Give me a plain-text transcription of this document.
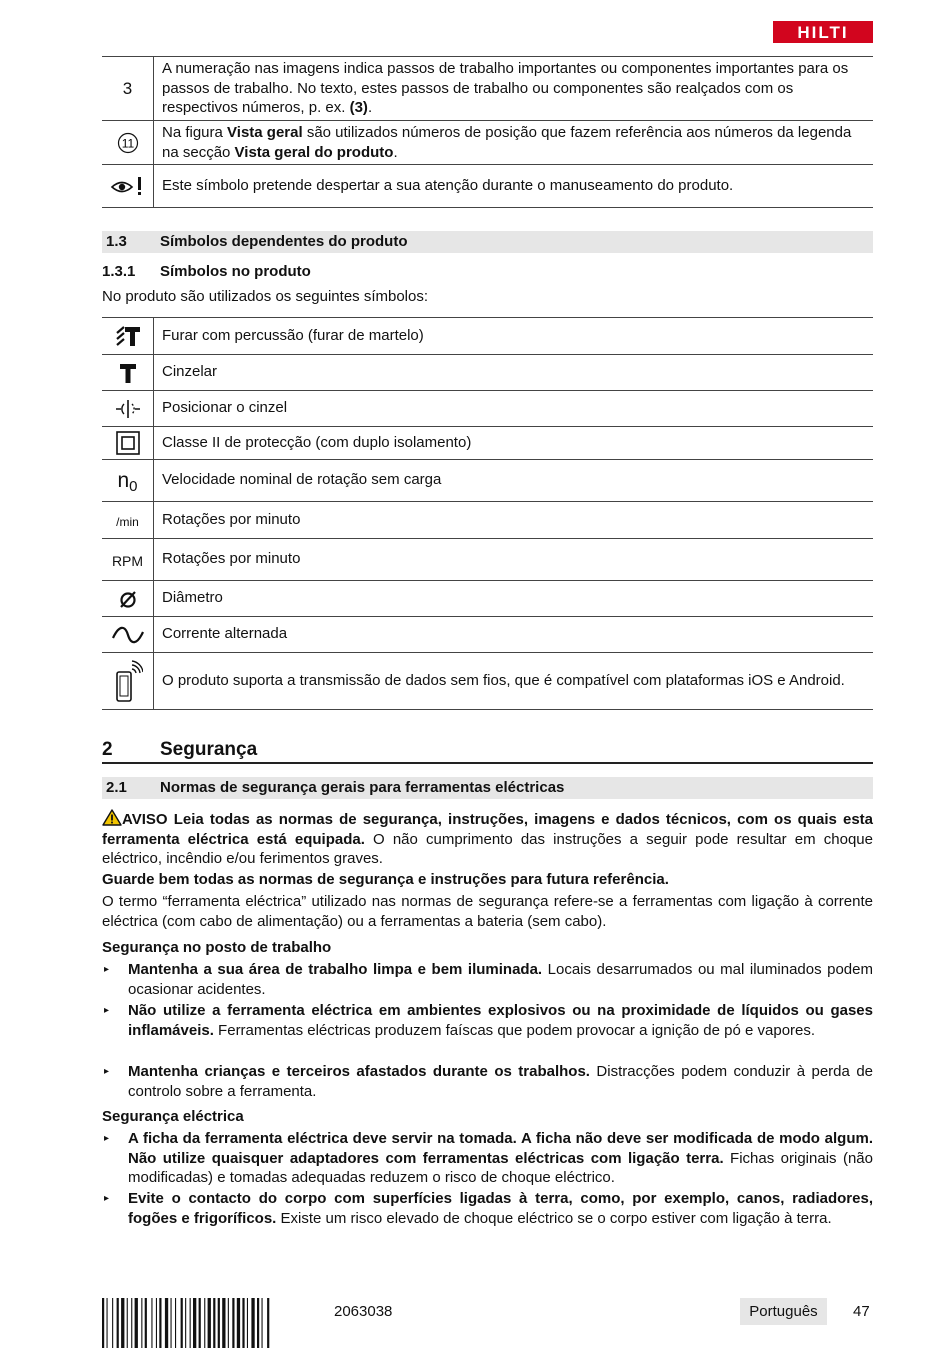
HILTI
3
A numeração nas imagens indica passos de trabalho importantes ou componentes importantes para os passos de trabalho. No texto, estes passos de trabalho ou componentes são realçados com os respectivos números, p. ex. (3).
11
Na figura Vista geral são utilizados números de posição que fazem referência aos números da legenda na secção Vista geral do produto.
Este símbolo pretende despertar a sua atenção durante o manuseamento do produto.
1.3	Símbolos dependentes do produto
1.3.1	Símbolos no produto
No produto são utilizados os seguintes símbolos:
Furar com percussão (furar de martelo)
Cinzelar
Posicionar o cinzel
Classe II de protecção (com duplo isolamento)
n 0	Velocidade nominal de rotação sem carga
/min	Rotações por minuto
RPM	Rotações por minuto
Diâmetro
Corrente alternada
O produto suporta a transmissão de dados sem fios, que é compatível com plataformas iOS e Android.
2	Segurança
2.1	Normas de segurança gerais para ferramentas eléctricas
AVISO Leia todas as normas de segurança, instruções, imagens e dados técnicos, com os quais esta ferramenta eléctrica está equipada. O não cumprimento das instruções a seguir pode resultar em choque eléctrico, incêndio e/ou ferimentos graves.
Guarde bem todas as normas de segurança e instruções para futura referência.
O termo “ferramenta eléctrica” utilizado nas normas de segurança refere-se a ferramentas com ligação à corrente eléctrica (com cabo de alimentação) ou a ferramentas a bateria (sem cabo).
Segurança no posto de trabalho
▸	Mantenha a sua área de trabalho limpa e bem iluminada. Locais desarrumados ou mal iluminados podem ocasionar acidentes.
▸	Não utilize a ferramenta eléctrica em ambientes explosivos ou na proximidade de líquidos ou gases inflamáveis. Ferramentas eléctricas produzem faíscas que podem provocar a ignição de pó e vapores.
▸	Mantenha crianças e terceiros afastados durante os trabalhos. Distracções podem conduzir à perda de controlo sobre a ferramenta.
Segurança eléctrica
▸	A ficha da ferramenta eléctrica deve servir na tomada. A ficha não deve ser modificada de modo algum. Não utilize quaisquer adaptadores com ferramentas eléctricas com ligação terra. Fichas originais (não modificadas) e tomadas adequadas reduzem o risco de choque eléctrico.
▸	Evite o contacto do corpo com superfícies ligadas à terra, como, por exemplo, canos, radiadores, fogões e frigoríficos. Existe um risco elevado de choque eléctrico se o corpo estiver com ligação à terra.
2063038	Português	47
